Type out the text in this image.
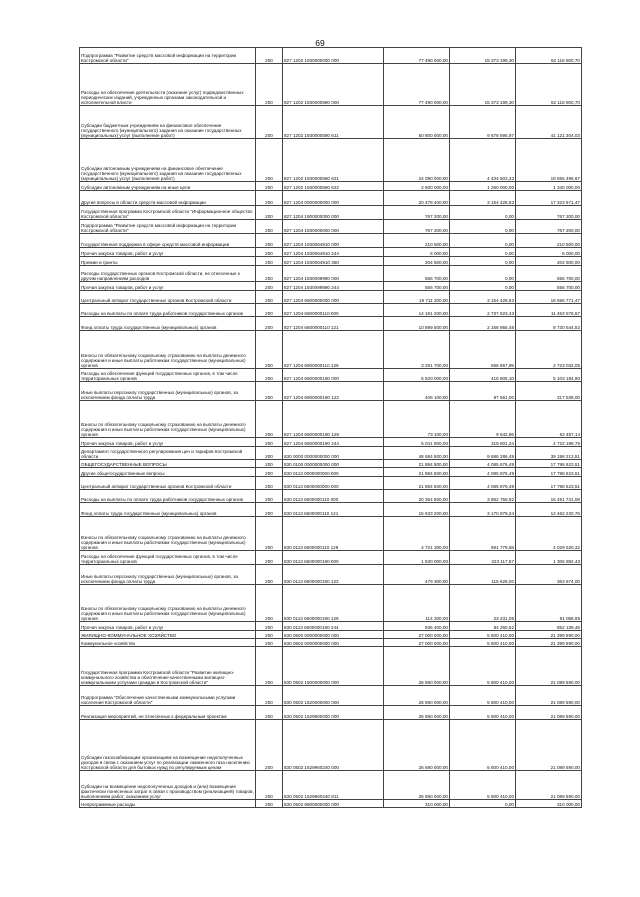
69
Подпрограмма "Развитие средств массовой информации на территории Костромской области"	200	827 1202 1930000000 000	77 490 000,00	15 373 199,30	62 116 800,70
Расходы на обеспечение деятельности (оказание услуг) подведомственных периодических изданий, учрежденных органами законодательной и исполнительной власти	200	827 1202 1930000590 000	77 490 000,00	15 373 199,30	62 116 800,70
Субсидии бюджетным учреждениям на финансовое обеспечение государственного (муниципального) задания на оказание государственных (муниципальных) услуг (выполнение работ)	200	827 1202 1930000590 611	50 800 000,00	9 678 695,97	41 121 304,03
Субсидии автономным учреждениям на финансовое обеспечение государственного (муниципального) задания на оказание государственных (муниципальных) услуг (выполнение работ)	200	827 1202 1930000590 621	24 090 000,00	4 434 503,33	19 655 496,67
Субсидии автономным учреждениям на иные цели	200	827 1202 1930000590 622	2 600 000,00	1 260 000,00	1 340 000,00
Другие вопросы в области средств массовой информации	200	827 1204 0000000000 000	20 478 400,00	3 154 428,53	17 323 971,47
Государственная программа Костромской области "Информационное общество Костромской области"	200	827 1204 1900000000 000	767 200,00	0,00	767 200,00
Подпрограмма "Развитие средств массовой информации на территории Костромской области"	200	827 1204 1930000000 000	767 200,00	0,00	767 200,00
Государственная поддержка в сфере средств массовой информации	200	827 1204 1930064910 000	210 500,00	0,00	210 500,00
Прочая закупка товаров, работ и услуг	200	827 1204 1930064910 244	6 000,00	0,00	6 000,00
Премии и гранты	200	827 1204 1930064910 350	204 500,00	0,00	204 500,00
Расходы государственных органов Костромской области, не отнесенные к другим направлениям расходов	200	827 1204 1930099990 000	556 700,00	0,00	556 700,00
Прочая закупка товаров, работ и услуг	200	827 1204 1930099990 244	556 700,00	0,00	556 700,00
Центральный аппарат государственных органов Костромской области	200	827 1204 6600000000 000	19 711 200,00	3 154 428,53	16 556 771,47
Расходы на выплаты по оплате труда работников государственных органов	200	827 1204 6600000110 000	14 191 200,00	2 737 623,43	11 453 576,57
Фонд оплаты труда государственных (муниципальных) органов	200	827 1204 6600000110 121	10 899 500,00	2 168 955,48	8 730 544,52
Взносы по обязательному социальному страхованию на выплаты денежного содержания и иные выплаты работникам государственных (муниципальных) органов	200	827 1204 6600000110 129	3 291 700,00	568 667,95	2 723 032,05
Расходы на обеспечение функций государственных органов, в том числе территориальных органов	200	827 1204 6600000190 000	5 520 000,00	416 805,10	5 103 194,90
Иные выплаты персоналу государственных (муниципальных) органов, за исключением фонда оплаты труда	200	827 1204 6600000190 122	405 100,00	87 561,00	317 539,00
Взносы по обязательному социальному страхованию на выплаты денежного содержания и иные выплаты работникам государственных (муниципальных) органов	200	827 1204 6600000190 129	73 100,00	9 642,86	63 457,14
Прочая закупка товаров, работ и услуг	200	827 1204 6600000190 244	5 041 800,00	319 601,24	4 722 198,76
Департамент государственного регулирования цен и тарифов Костромской области	200	830 0000 0000000000 000	48 684 500,00	9 686 286,49	39 198 213,51
ОБЩЕГОСУДАРСТВЕННЫЕ ВОПРОСЫ	200	830 0100 0000000000 000	21 884 500,00	4 085 876,49	17 798 623,51
Другие общегосударственные вопросы	200	830 0113 0000000000 000	21 884 500,00	4 085 876,49	17 798 623,51
Центральный аппарат государственных органов Костромской области	200	830 0113 6600000000 000	21 884 500,00	4 085 876,49	17 798 623,51
Расходы на выплаты по оплате труда работников государственных органов	200	830 0113 6600000110 000	20 354 500,00	3 862 758,92	16 491 741,08
Фонд оплаты труда государственных (муниципальных) органов	200	830 0113 6600000110 121	15 633 200,00	3 170 979,24	12 462 220,76
Взносы по обязательному социальному страхованию на выплаты денежного содержания и иные выплаты работникам государственных (муниципальных) органов	200	830 0113 6600000110 129	4 721 300,00	691 779,68	4 029 520,32
Расходы на обеспечение функций государственных органов, в том числе территориальных органов	200	830 0113 6600000190 000	1 530 000,00	223 117,57	1 306 882,43
Иные выплаты персоналу государственных (муниципальных) органов, за исключением фонда оплаты труда	200	830 0113 6600000190 122	479 300,00	115 626,00	363 674,00
Взносы по обязательному социальному страхованию на выплаты денежного содержания и иные выплаты работникам государственных (муниципальных) органов	200	830 0113 6600000190 129	114 300,00	23 231,05	91 068,95
Прочая закупка товаров, работ и услуг	200	830 0113 6600000190 244	936 400,00	84 260,52	852 139,48
ЖИЛИЩНО-КОММУНАЛЬНОЕ ХОЗЯЙСТВО	200	830 0500 0000000000 000	27 000 000,00	5 600 410,00	21 399 590,00
Коммунальное хозяйство	200	830 0502 0000000000 000	27 000 000,00	5 600 410,00	21 399 590,00
Государственная программа Костромской области "Развитие жилищно-коммунального хозяйства и обеспечение качественными жилищно-коммунальными услугами граждан в Костромской области"	200	830 0502 1600000000 000	26 690 000,00	5 600 410,00	21 089 590,00
Подпрограмма "Обеспечение качественными коммунальными услугами населения Костромской области"	200	830 0502 1620000000 000	26 690 000,00	5 600 410,00	21 089 590,00
Реализация мероприятий, не отнесенных к федеральным проектам	200	830 0502 1629900000 000	26 690 000,00	5 600 410,00	21 089 590,00
Субсидии газоснабжающим организациям на возмещение недополученных доходов в связи с оказанием услуг по реализации сжиженного газа населению Костромской области для бытовых нужд по регулируемым ценам	200	830 0502 1629960240 000	26 690 000,00	5 600 410,00	21 089 590,00
Субсидии на возмещение недополученных доходов и (или) возмещение фактически понесенных затрат в связи с производством (реализацией) товаров, выполнением работ, оказанием услуг	200	830 0502 1629960240 811	26 690 000,00	5 600 410,00	21 089 590,00
Непрограммные расходы	200	830 0502 9900000000 000	310 000,00	0,00	310 000,00
